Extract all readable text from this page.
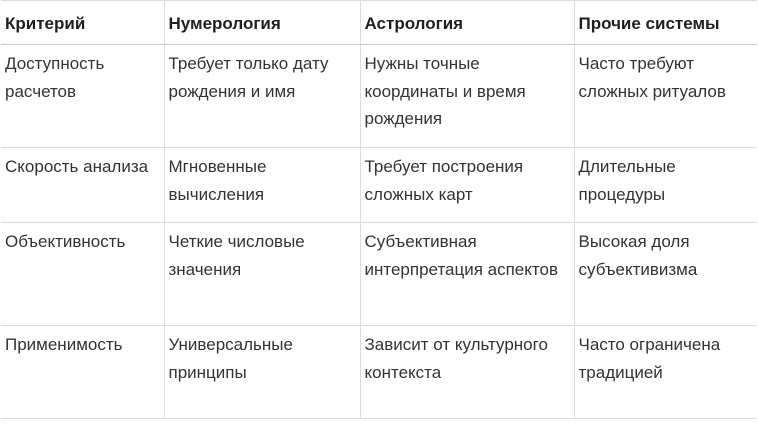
Критерий	Нумерология	Астрология	Прочие системы
Доступность расчетов	Требует только дату рождения и имя	Нужны точные координаты и время рождения	Часто требуют сложных ритуалов
Скорость анализа	Мгновенные вычисления	Требует построения сложных карт	Длительные процедуры
Объективность	Четкие числовые значения	Субъективная интерпретация аспектов	Высокая доля субъективизма
Применимость	Универсальные принципы	Зависит от культурного контекста	Часто ограничена традицией
